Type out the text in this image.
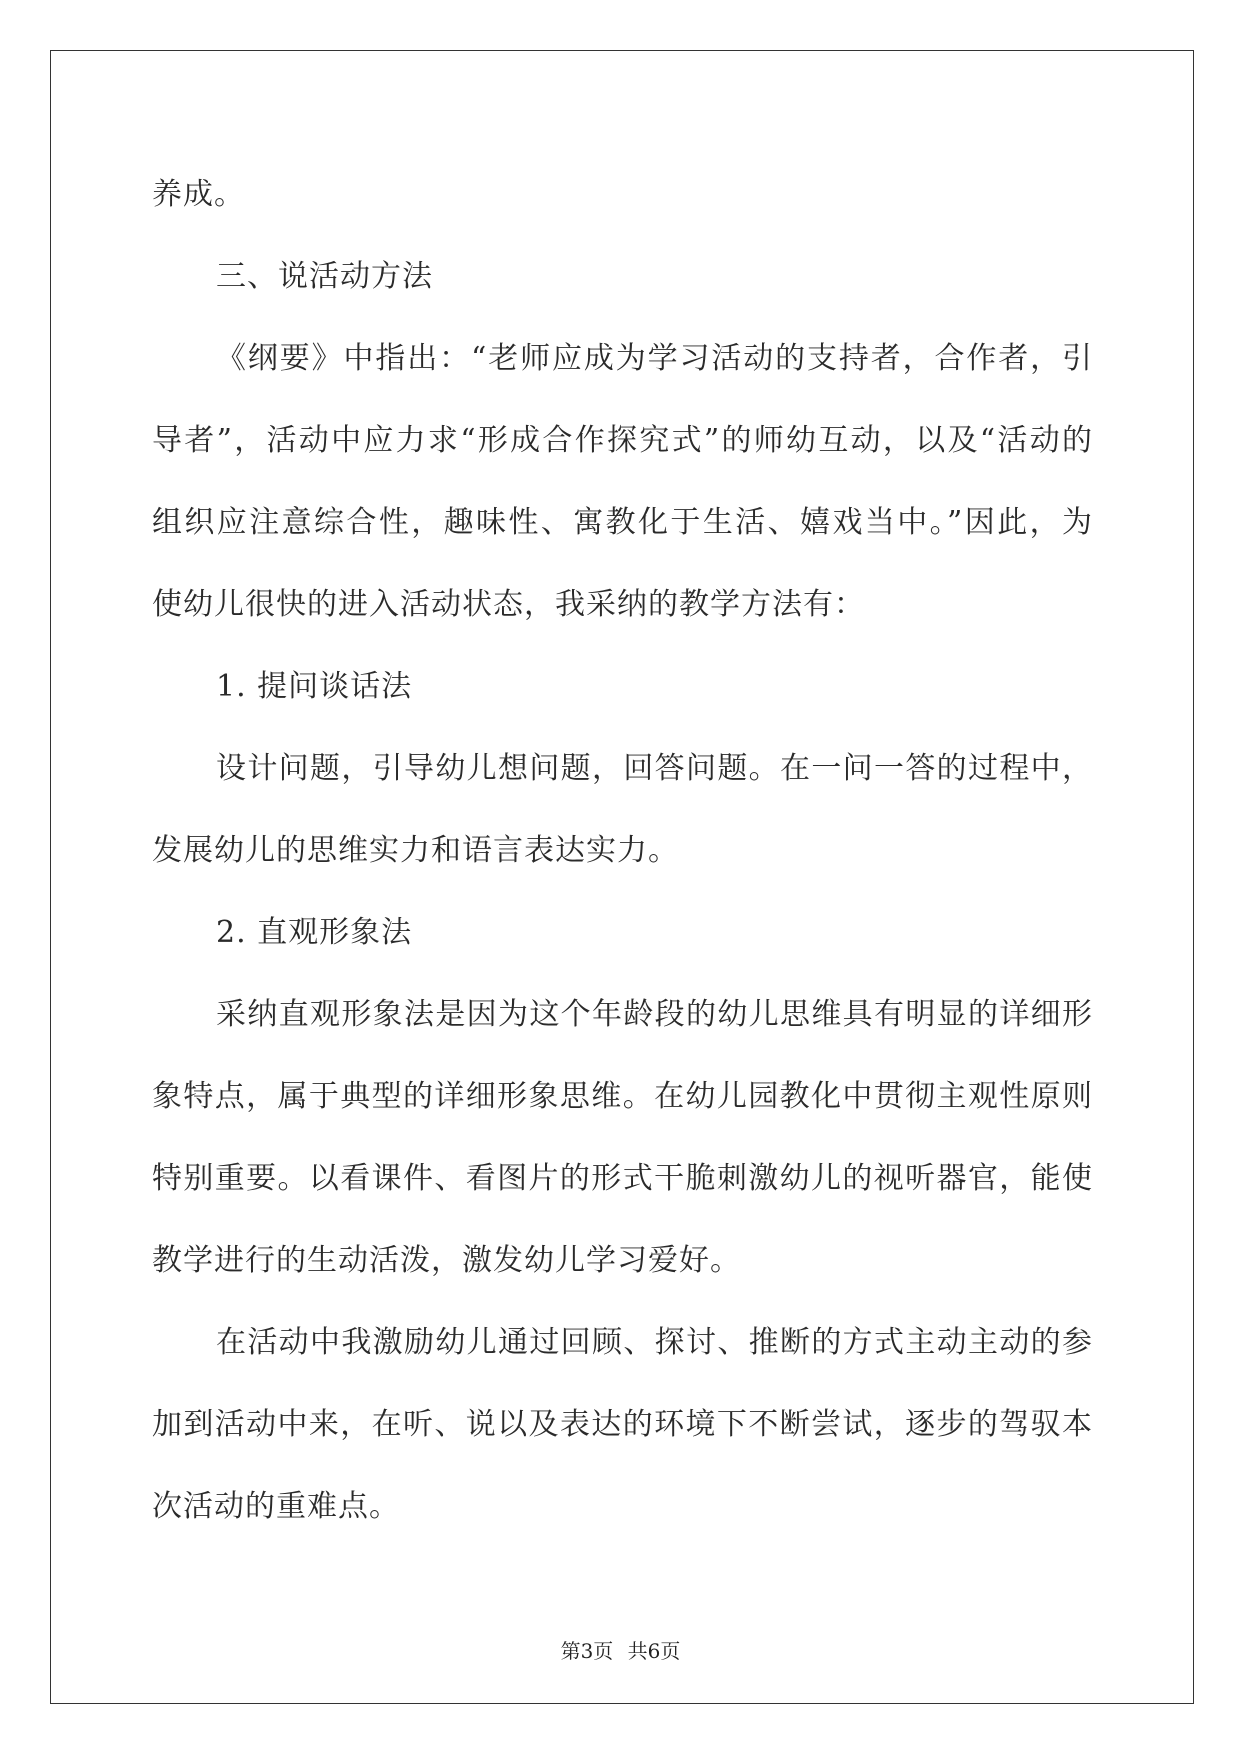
养成。

三、说活动方法

《纲要》中指出：“老师应成为学习活动的支持者，合作者，引

导者”，活动中应力求“形成合作探究式”的师幼互动，以及“活动的

组织应注意综合性，趣味性、寓教化于生活、嬉戏当中。”因此，为

使幼儿很快的进入活动状态，我采纳的教学方法有：

1. 提问谈话法

设计问题，引导幼儿想问题，回答问题。在一问一答的过程中，

发展幼儿的思维实力和语言表达实力。

2. 直观形象法

采纳直观形象法是因为这个年龄段的幼儿思维具有明显的详细形

象特点，属于典型的详细形象思维。在幼儿园教化中贯彻主观性原则

特别重要。以看课件、看图片的形式干脆刺激幼儿的视听器官，能使

教学进行的生动活泼，激发幼儿学习爱好。

在活动中我激励幼儿通过回顾、探讨、推断的方式主动主动的参

加到活动中来，在听、说以及表达的环境下不断尝试，逐步的驾驭本

次活动的重难点。

第3页 共6页
